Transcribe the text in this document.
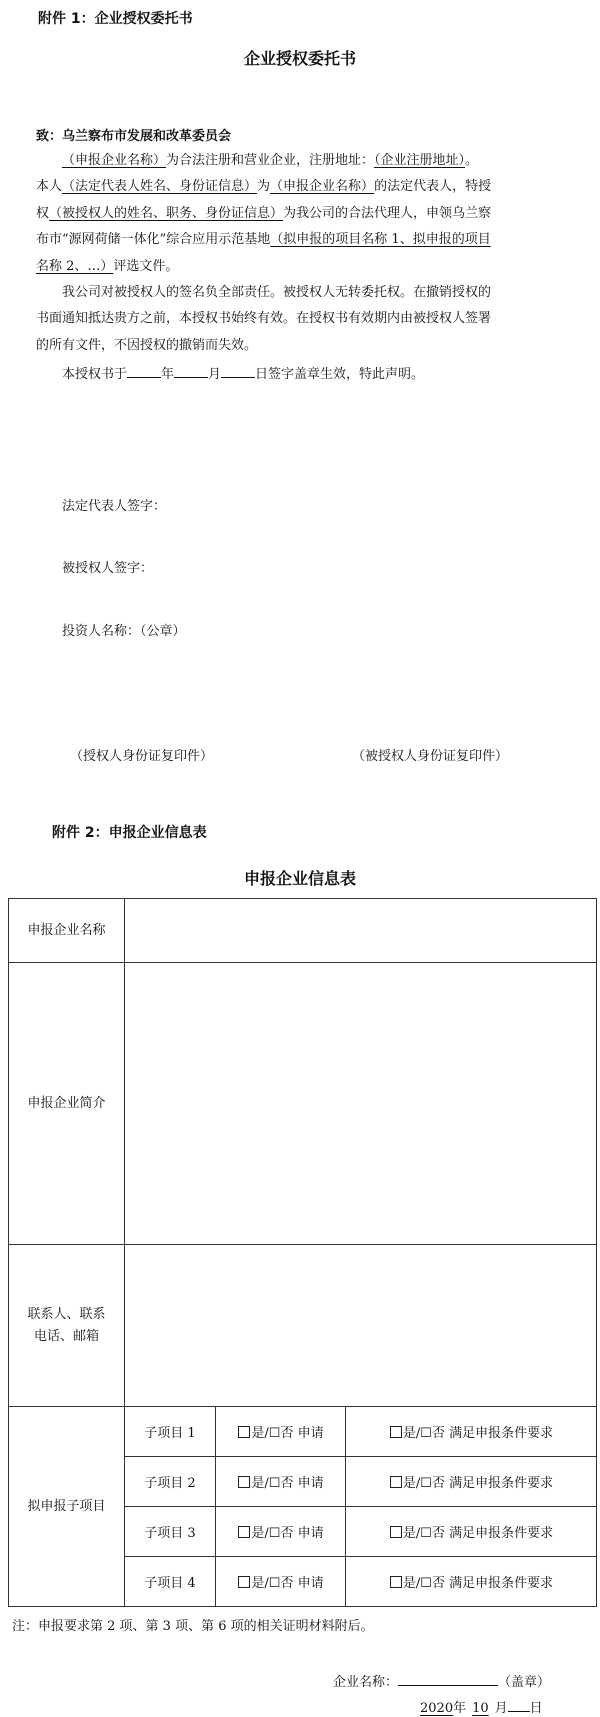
附件 1：企业授权委托书
企业授权委托书
致：乌兰察布市发展和改革委员会
（申报企业名称）为合法注册和营业企业，注册地址：（企业注册地址）。
本人（法定代表人姓名、身份证信息）为（申报企业名称）的法定代表人，特授
权（被授权人的姓名、职务、身份证信息）为我公司的合法代理人，申领乌兰察
布市“源网荷储一体化”综合应用示范基地（拟申报的项目名称 1、拟申报的项目
名称 2、…）评选文件。
我公司对被授权人的签名负全部责任。被授权人无转委托权。在撤销授权的
书面通知抵达贵方之前，本授权书始终有效。在授权书有效期内由被授权人签署
的所有文件，不因授权的撤销而失效。
本授权书于	年	月	日签字盖章生效，特此声明。
法定代表人签字：
被授权人签字：
投资人名称：（公章）
（授权人身份证复印件）	（被授权人身份证复印件）
附件 2：申报企业信息表
申报企业信息表
申报企业名称			
申报企业简介			

联系人、联系
电话、邮箱			

拟申报子项目	子项目 1	是/☐否 申请	是/☐否 满足申报条件要求
	子项目 2	是/☐否 申请	是/☐否 满足申报条件要求
	子项目 3	是/☐否 申请	是/☐否 满足申报条件要求
	子项目 4	是/☐否 申请	是/☐否 满足申报条件要求
注：申报要求第 2 项、第 3 项、第 6 项的相关证明材料附后。
企业名称：	（盖章）
2020年 10 月 日
